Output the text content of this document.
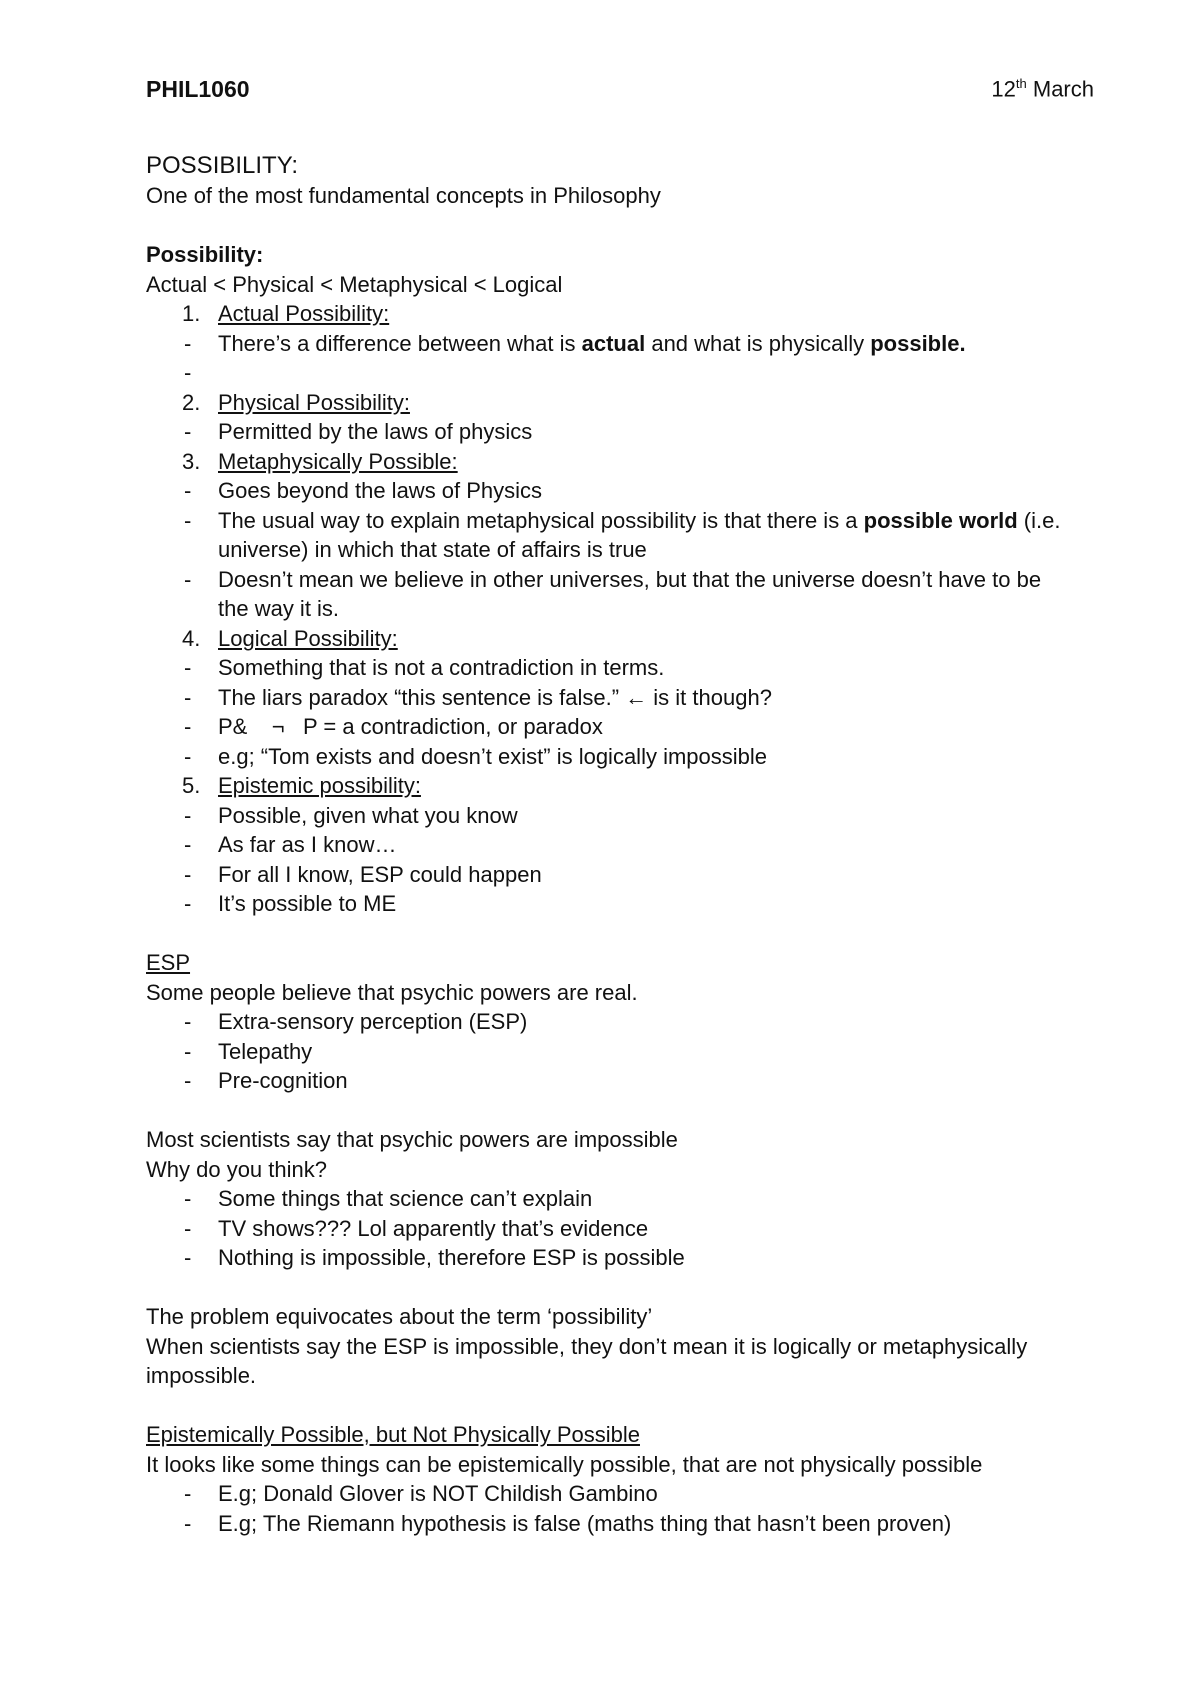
PHIL1060	12th March
POSSIBILITY:
One of the most fundamental concepts in Philosophy
Possibility:
Actual < Physical < Metaphysical < Logical
1. Actual Possibility:
- There’s a difference between what is actual and what is physically possible.
-
2. Physical Possibility:
- Permitted by the laws of physics
3. Metaphysically Possible:
- Goes beyond the laws of Physics
- The usual way to explain metaphysical possibility is that there is a possible world (i.e.
universe) in which that state of affairs is true
- Doesn’t mean we believe in other universes, but that the universe doesn’t have to be
the way it is.
4. Logical Possibility:
- Something that is not a contradiction in terms.
- The liars paradox “this sentence is false.” ← is it though?
- P&    ¬   P = a contradiction, or paradox
- e.g; “Tom exists and doesn’t exist” is logically impossible
5. Epistemic possibility:
- Possible, given what you know
- As far as I know…
- For all I know, ESP could happen
- It’s possible to ME
ESP
Some people believe that psychic powers are real.
- Extra-sensory perception (ESP)
- Telepathy
- Pre-cognition
Most scientists say that psychic powers are impossible
Why do you think?
- Some things that science can’t explain
- TV shows??? Lol apparently that’s evidence
- Nothing is impossible, therefore ESP is possible
The problem equivocates about the term ‘possibility’
When scientists say the ESP is impossible, they don’t mean it is logically or metaphysically
impossible.
Epistemically Possible, but Not Physically Possible
It looks like some things can be epistemically possible, that are not physically possible
- E.g; Donald Glover is NOT Childish Gambino
- E.g; The Riemann hypothesis is false (maths thing that hasn’t been proven)
